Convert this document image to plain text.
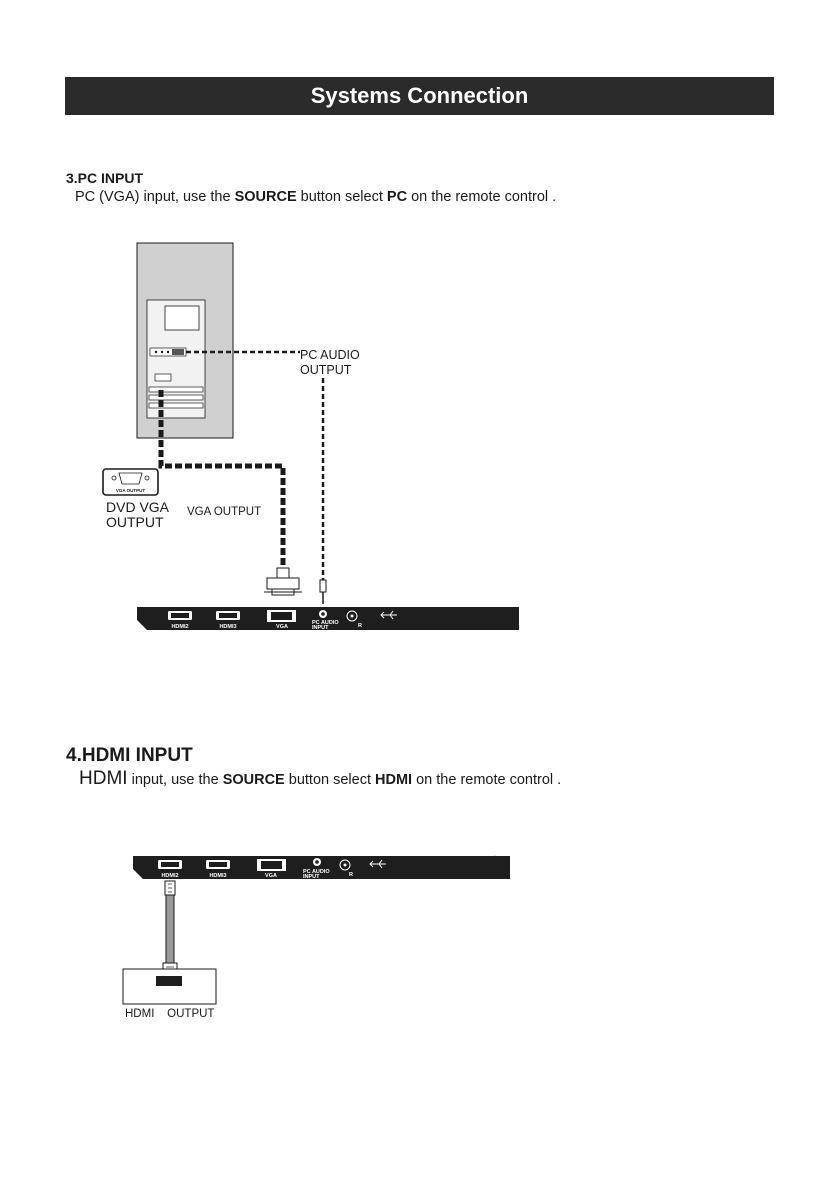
Systems Connection
3.PC INPUT
PC (VGA) input, use the SOURCE button select PC on the remote control .
4.HDMI INPUT
HDMI input, use the SOURCE button select HDMI on the remote control .
PC AUDIO
OUTPUT
VGA OUTPUT
DVD VGA
OUTPUT
VGA OUTPUT
HDMI2	HDMI3	VGA
PC AUDIO
INPUT	R
HDMI2	HDMI3	VGA
PC AUDIO
INPUT	R
HDMI    OUTPUT
